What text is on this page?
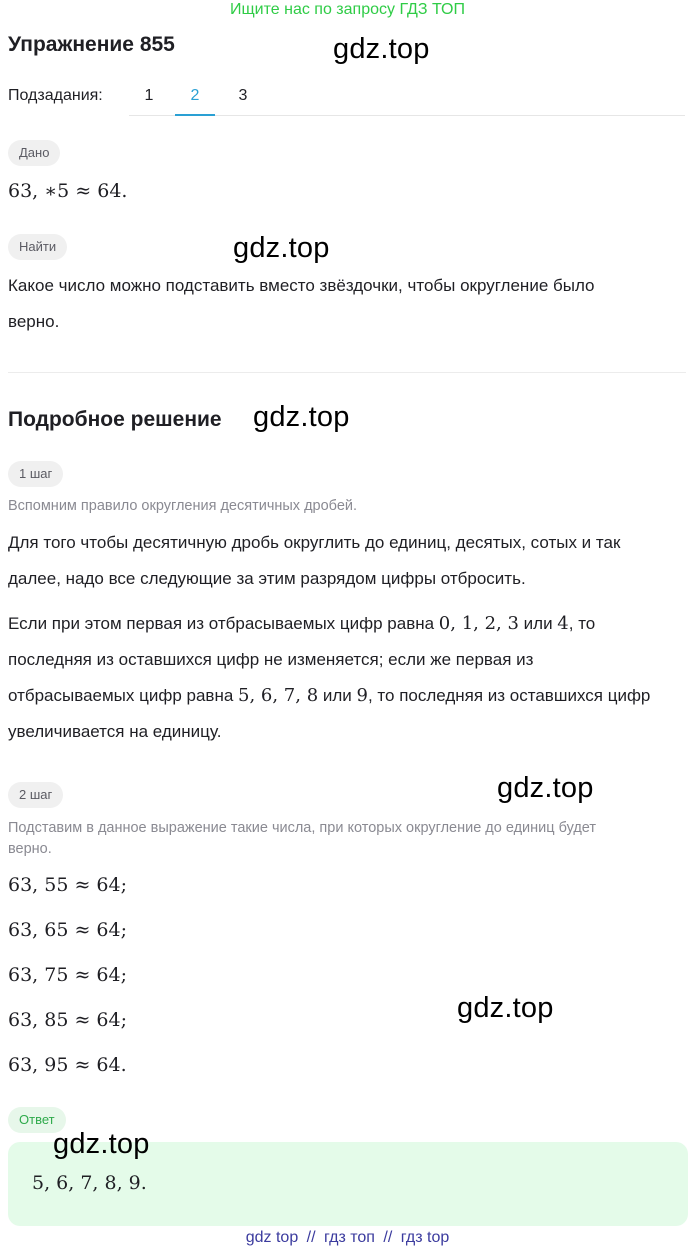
Ищите нас по запросу ГДЗ ТОП
Упражнение 855	gdz.top
Подзадания:	1	2	3
Дано
63, ∗5 ≈ 64.
Найти	gdz.top
Какое число можно подставить вместо звёздочки, чтобы округление было
верно.
Подробное решение gdz.top
1 шаг
Вспомним правило округления десятичных дробей.
Для того чтобы десятичную дробь округлить до единиц, десятых, сотых и так
далее, надо все следующие за этим разрядом цифры отбросить.
Если при этом первая из отбрасываемых цифр равна 0, 1, 2, 3 или 4, то
последняя из оставшихся цифр не изменяется; если же первая из
отбрасываемых цифр равна 5, 6, 7, 8 или 9, то последняя из оставшихся цифр
увеличивается на единицу.
2 шаг	gdz.top
Подставим в данное выражение такие числа, при которых округление до единиц будет
верно.
63, 55 ≈ 64;
63, 65 ≈ 64;
63, 75 ≈ 64;
63, 85 ≈ 64;	gdz.top
63, 95 ≈ 64.
Ответ
gdz.top
5, 6, 7, 8, 9.
gdz top // гдз топ // гдз top
